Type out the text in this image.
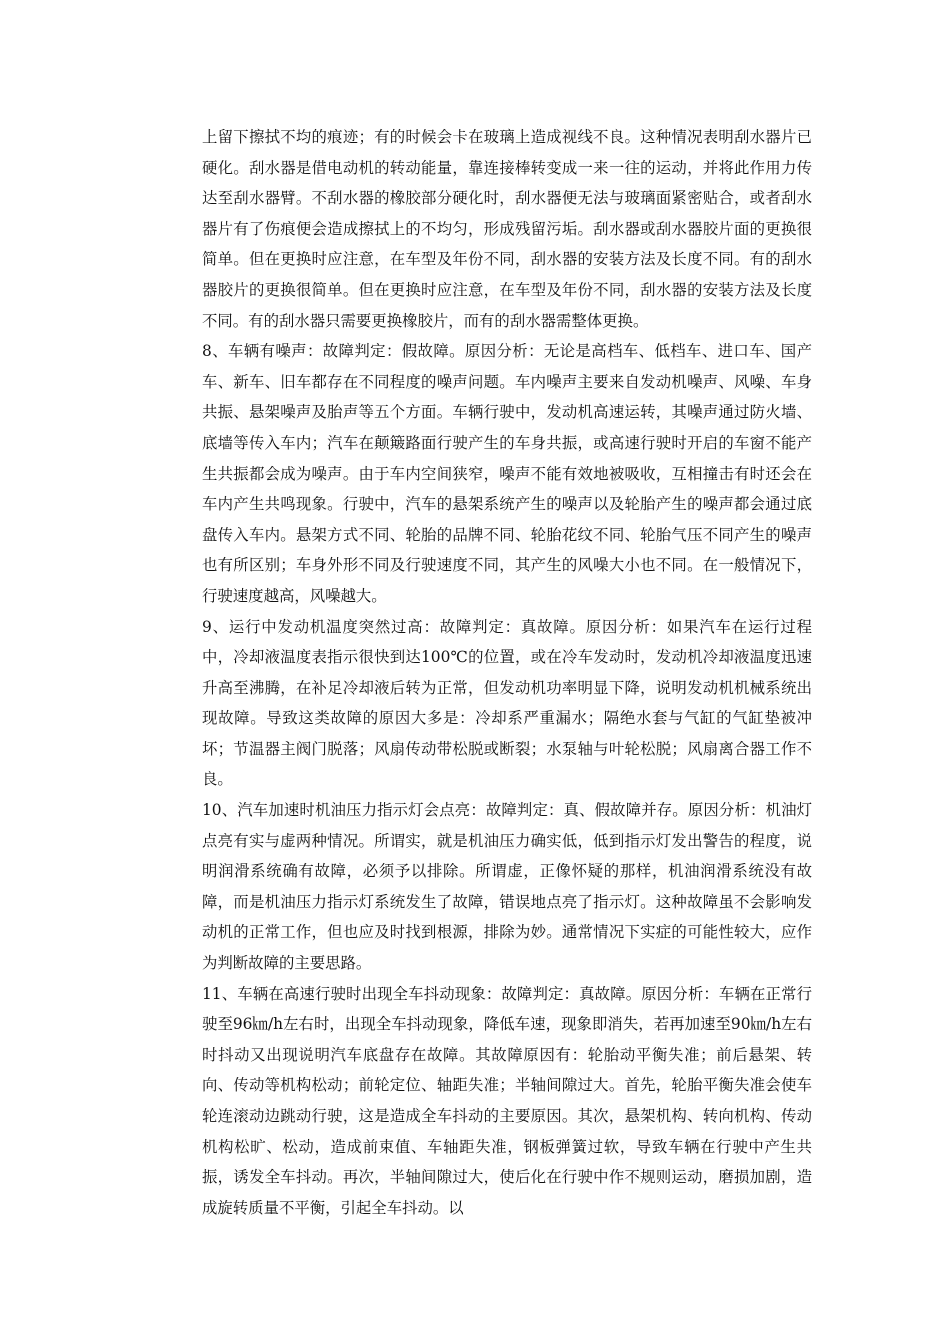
上留下擦拭不均的痕迹；有的时候会卡在玻璃上造成视线不良。这种情况表明刮水器片已硬化。刮水器是借电动机的转动能量，靠连接棒转变成一来一往的运动，并将此作用力传达至刮水器臂。不刮水器的橡胶部分硬化时，刮水器便无法与玻璃面紧密贴合，或者刮水器片有了伤痕便会造成擦拭上的不均匀，形成残留污垢。刮水器或刮水器胶片面的更换很简单。但在更换时应注意，在车型及年份不同，刮水器的安装方法及长度不同。有的刮水器胶片的更换很简单。但在更换时应注意，在车型及年份不同，刮水器的安装方法及长度不同。有的刮水器只需要更换橡胶片，而有的刮水器需整体更换。

8、车辆有噪声：故障判定：假故障。原因分析：无论是高档车、低档车、进口车、国产车、新车、旧车都存在不同程度的噪声问题。车内噪声主要来自发动机噪声、风噪、车身共振、悬架噪声及胎声等五个方面。车辆行驶中，发动机高速运转，其噪声通过防火墙、底墙等传入车内；汽车在颠簸路面行驶产生的车身共振，或高速行驶时开启的车窗不能产生共振都会成为噪声。由于车内空间狭窄，噪声不能有效地被吸收，互相撞击有时还会在车内产生共鸣现象。行驶中，汽车的悬架系统产生的噪声以及轮胎产生的噪声都会通过底盘传入车内。悬架方式不同、轮胎的品牌不同、轮胎花纹不同、轮胎气压不同产生的噪声也有所区别；车身外形不同及行驶速度不同，其产生的风噪大小也不同。在一般情况下，行驶速度越高，风噪越大。

9、运行中发动机温度突然过高：故障判定：真故障。原因分析：如果汽车在运行过程中，冷却液温度表指示很快到达100℃的位置，或在冷车发动时，发动机冷却液温度迅速升高至沸腾，在补足冷却液后转为正常，但发动机功率明显下降，说明发动机机械系统出现故障。导致这类故障的原因大多是：冷却系严重漏水；隔绝水套与气缸的气缸垫被冲坏；节温器主阀门脱落；风扇传动带松脱或断裂；水泵轴与叶轮松脱；风扇离合器工作不良。

10、汽车加速时机油压力指示灯会点亮：故障判定：真、假故障并存。原因分析：机油灯点亮有实与虚两种情况。所谓实，就是机油压力确实低，低到指示灯发出警告的程度，说明润滑系统确有故障，必须予以排除。所谓虚，正像怀疑的那样，机油润滑系统没有故障，而是机油压力指示灯系统发生了故障，错误地点亮了指示灯。这种故障虽不会影响发动机的正常工作，但也应及时找到根源，排除为妙。通常情况下实症的可能性较大，应作为判断故障的主要思路。

11、车辆在高速行驶时出现全车抖动现象：故障判定：真故障。原因分析：车辆在正常行驶至96㎞/h左右时，出现全车抖动现象，降低车速，现象即消失，若再加速至90㎞/h左右时抖动又出现说明汽车底盘存在故障。其故障原因有：轮胎动平衡失准；前后悬架、转向、传动等机构松动；前轮定位、轴距失准；半轴间隙过大。首先，轮胎平衡失准会使车轮连滚动边跳动行驶，这是造成全车抖动的主要原因。其次，悬架机构、转向机构、传动机构松旷、松动，造成前束值、车轴距失准，钢板弹簧过软，导致车辆在行驶中产生共振，诱发全车抖动。再次，半轴间隙过大，使后化在行驶中作不规则运动，磨损加剧，造成旋转质量不平衡，引起全车抖动。以
